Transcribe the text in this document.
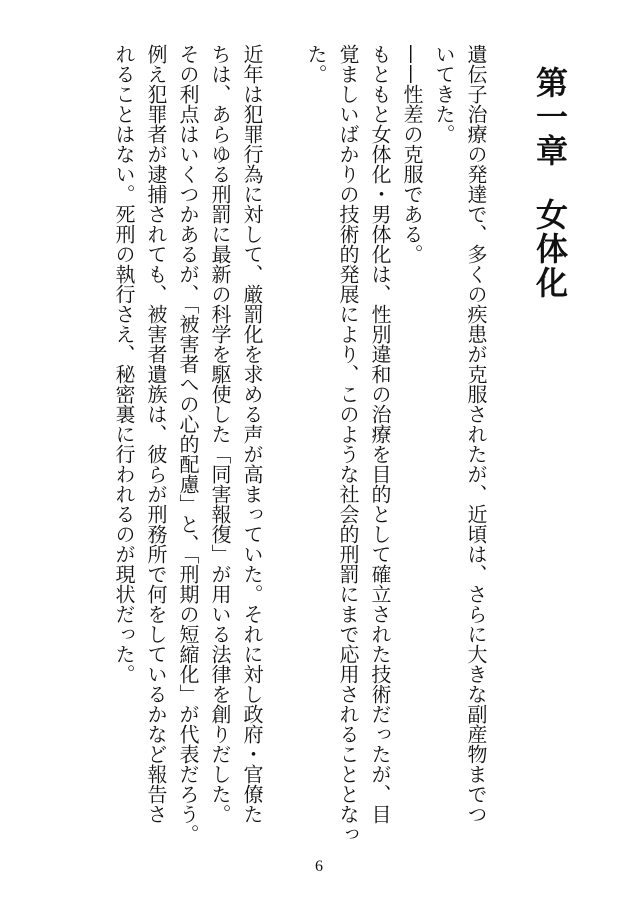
第一章女体化
遺伝子治療の発達で、多くの疾患が克服されたが、近頃は、さらに大きな副産物までつ
いてきた。
——性差の克服である。
もともと女体化・男体化は、性別違和の治療を目的として確立された技術だったが、目
覚ましいばかりの技術的発展により、このような社会的刑罰にまで応用されることとなっ
た。
近年は犯罪行為に対して、厳罰化を求める声が高まっていた。それに対し政府・官僚た
ちは、あらゆる刑罰に最新の科学を駆使した「同害報復」が用いる法律を創りだした。
その利点はいくつかあるが、「被害者への心的配慮」と、「刑期の短縮化」が代表だろう。
例え犯罪者が逮捕されても、被害者遺族は、彼らが刑務所で何をしているかなど報告さ
れることはない。死刑の執行さえ、秘密裏に行われるのが現状だった。
6
